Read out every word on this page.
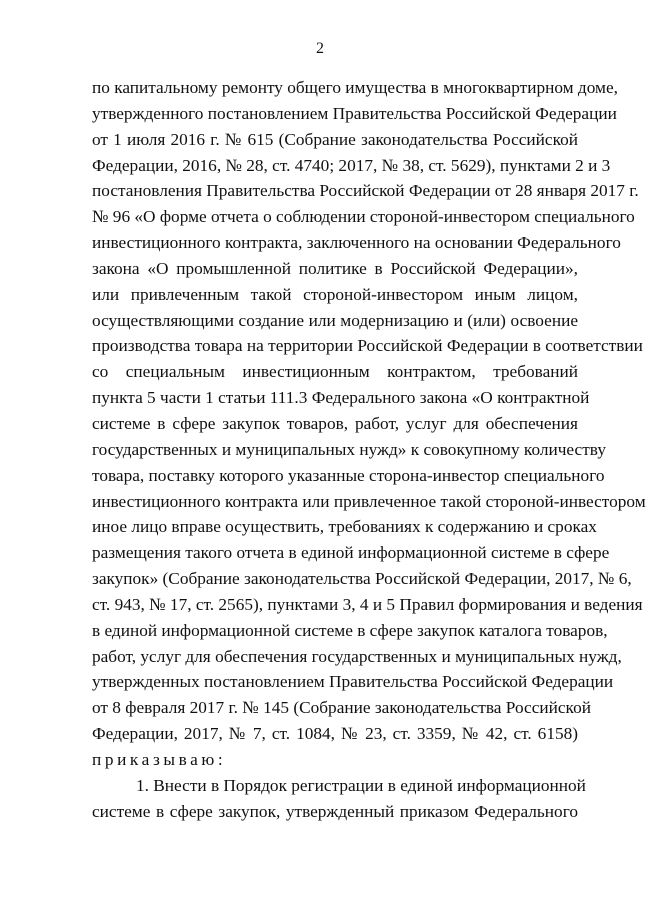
2
по капитальному ремонту общего имущества в многоквартирном доме,
утвержденного постановлением Правительства Российской Федерации
от 1 июля 2016 г. № 615 (Собрание законодательства Российской
Федерации, 2016, № 28, ст. 4740; 2017, № 38, ст. 5629), пунктами 2 и 3
постановления Правительства Российской Федерации от 28 января 2017 г.
№ 96 «О форме отчета о соблюдении стороной-инвестором специального
инвестиционного контракта, заключенного на основании Федерального
закона «О промышленной политике в Российской Федерации»,
или привлеченным такой стороной-инвестором иным лицом,
осуществляющими создание или модернизацию и (или) освоение
производства товара на территории Российской Федерации в соответствии
со специальным инвестиционным контрактом, требований
пункта 5 части 1 статьи 111.3 Федерального закона «О контрактной
системе в сфере закупок товаров, работ, услуг для обеспечения
государственных и муниципальных нужд» к совокупному количеству
товара, поставку которого указанные сторона-инвестор специального
инвестиционного контракта или привлеченное такой стороной-инвестором
иное лицо вправе осуществить, требованиях к содержанию и сроках
размещения такого отчета в единой информационной системе в сфере
закупок» (Собрание законодательства Российской Федерации, 2017, № 6,
ст. 943, № 17, ст. 2565), пунктами 3, 4 и 5 Правил формирования и ведения
в единой информационной системе в сфере закупок каталога товаров,
работ, услуг для обеспечения государственных и муниципальных нужд,
утвержденных постановлением Правительства Российской Федерации
от 8 февраля 2017 г. № 145 (Собрание законодательства Российской
Федерации, 2017, № 7, ст. 1084, № 23, ст. 3359, № 42, ст. 6158)
приказываю:
1. Внести в Порядок регистрации в единой информационной
системе в сфере закупок, утвержденный приказом Федерального
